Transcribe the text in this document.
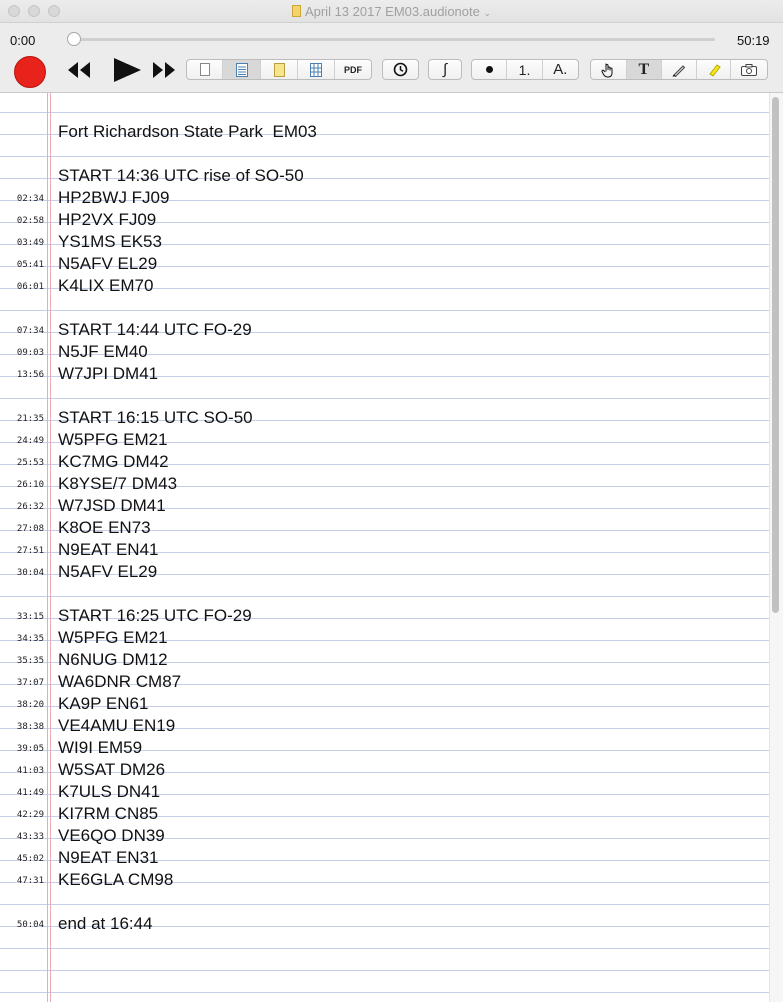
April 13 2017 EM03.audionote ⌄
0:00	50:19
PDF	∫	1.	A.	T
Fort Richardson State Park  EM03
START 14:36 UTC rise of SO-50
02:34 HP2BWJ FJ09
02:58 HP2VX FJ09
03:49 YS1MS EK53
05:41 N5AFV EL29
06:01 K4LIX EM70
07:34 START 14:44 UTC FO-29
09:03 N5JF EM40
13:56 W7JPI DM41
21:35 START 16:15 UTC SO-50
24:49 W5PFG EM21
25:53 KC7MG DM42
26:10 K8YSE/7 DM43
26:32 W7JSD DM41
27:08 K8OE EN73
27:51 N9EAT EN41
30:04 N5AFV EL29
33:15 START 16:25 UTC FO-29
34:35 W5PFG EM21
35:35 N6NUG DM12
37:07 WA6DNR CM87
38:20 KA9P EN61
38:38 VE4AMU EN19
39:05 WI9I EM59
41:03 W5SAT DM26
41:49 K7ULS DN41
42:29 KI7RM CN85
43:33 VE6QO DN39
45:02 N9EAT EN31
47:31 KE6GLA CM98
50:04 end at 16:44
